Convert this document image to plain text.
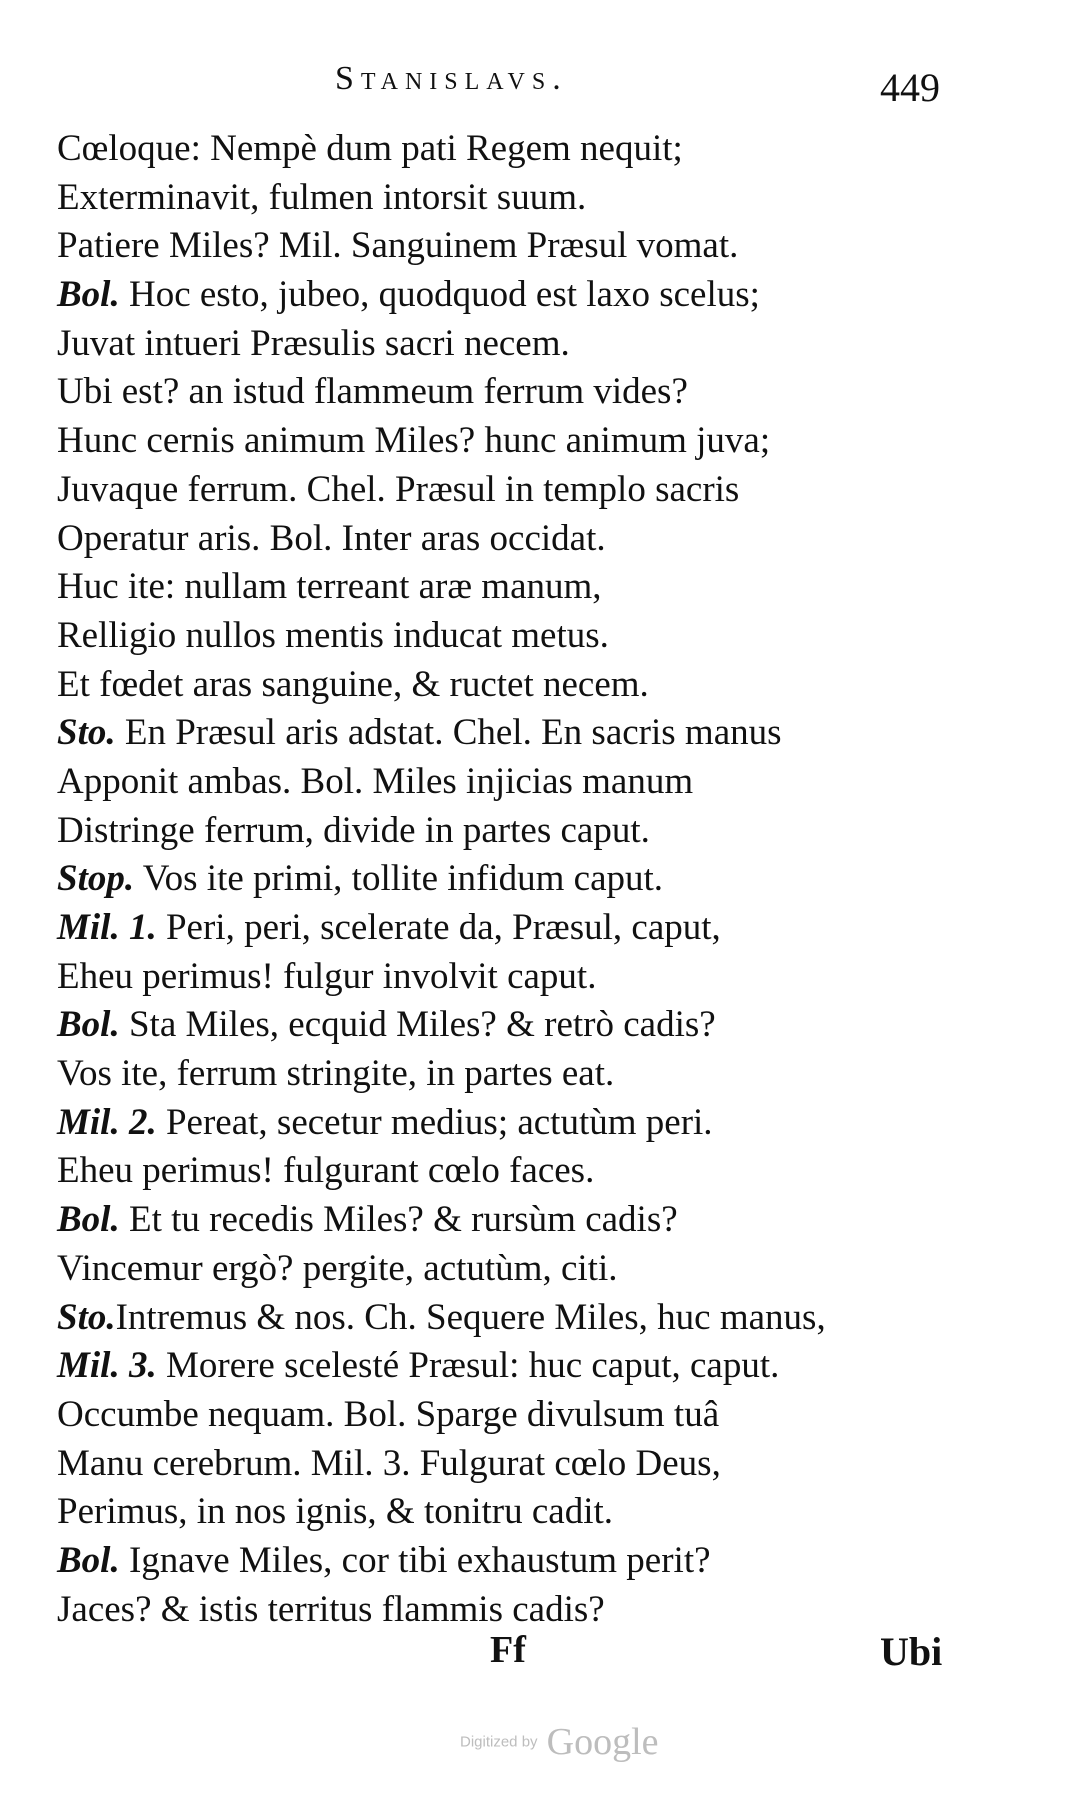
Stanislavs.	449
Cœloque: Nempè dum pati Regem nequit;
Exterminavit, fulmen intorsit suum.
Patiere Miles? Mil. Sanguinem Præsul vomat.
Bol. Hoc esto, jubeo, quodquod est laxo scelus;
Juvat intueri Præsulis sacri necem.
Ubi est? an istud flammeum ferrum vides?
Hunc cernis animum Miles? hunc animum juva;
Juvaque ferrum. Chel. Præsul in templo sacris
Operatur aris. Bol. Inter aras occidat.
Huc ite: nullam terreant aræ manum,
Relligio nullos mentis inducat metus.
Et fœdet aras sanguine, & ructet necem.
Sto. En Præsul aris adstat. Chel. En sacris manus
Apponit ambas. Bol. Miles injicias manum
Distringe ferrum, divide in partes caput.
Stop. Vos ite primi, tollite infidum caput.
Mil. 1. Peri, peri, scelerate da, Præsul, caput,
Eheu perimus! fulgur involvit caput.
Bol. Sta Miles, ecquid Miles? & retrò cadis?
Vos ite, ferrum stringite, in partes eat.
Mil. 2. Pereat, secetur medius; actutùm peri.
Eheu perimus! fulgurant cœlo faces.
Bol. Et tu recedis Miles? & rursùm cadis?
Vincemur ergò? pergite, actutùm, citi.
Sto.Intremus & nos. Ch. Sequere Miles, huc manus,
Mil. 3. Morere scelesté Præsul: huc caput, caput.
Occumbe nequam. Bol. Sparge divulsum tuâ
Manu cerebrum. Mil. 3. Fulgurat cœlo Deus,
Perimus, in nos ignis, & tonitru cadit.
Bol. Ignave Miles, cor tibi exhaustum perit?
Jaces? & istis territus flammis cadis?
Ff	Ubi
Digitized by Google
